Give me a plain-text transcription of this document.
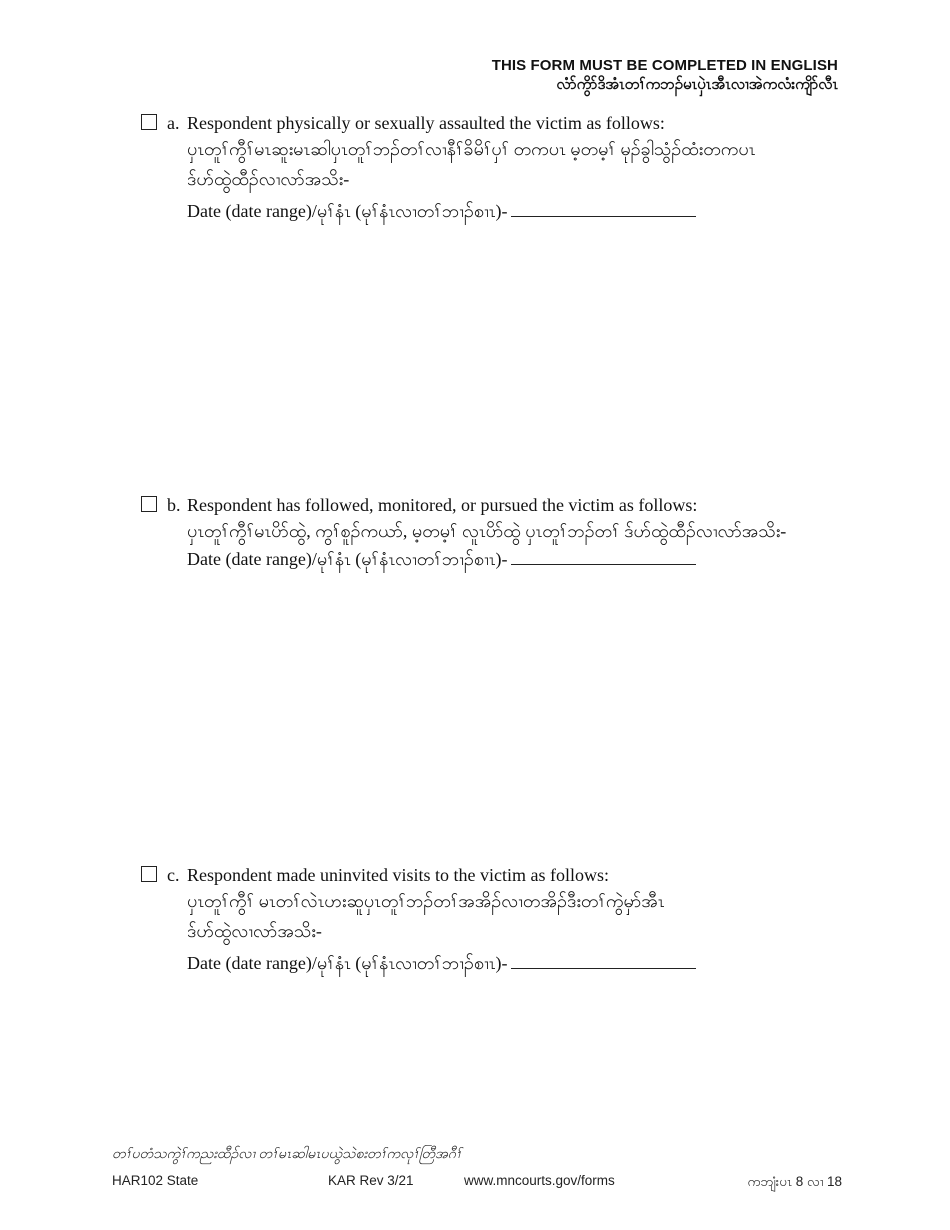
THIS FORM MUST BE COMPLETED IN ENGLISH
လံာ်ကွိာ်ဒိအံၤတၢ်ကဘၣ်မၤပှဲၤအီၤလၢအဲကလံးကျိာ်လီၤ
a. Respondent physically or sexually assaulted the victim as follows:
ပှၤတူၢ်ကွီၢ်မၤဆူးမၤဆါပှၤတူၢ်ဘၣ်တၢ်လၢနီၢ်ခိမိၢ်ပှၢ် တကပၤ မ့တမ့ၢ် မုၣ်ခွါသွံၣ်ထံးတကပၤ
ဒ်ဟ်ထွဲထီၣ်လၢလာ်အသိး-
Date (date range)/မုၢ်နံၤ (မုၢ်နံၤလၢတၢ်ဘၢၣ်စၢၤ)-
b. Respondent has followed, monitored, or pursued the victim as follows:
ပှၤတူၢ်ကွီၢ်မၤပိာ်ထွဲ, ကွၢ်စူၣ်ကယာ်, မ့တမ့ၢ် လူၤပိာ်ထွဲ ပှၤတူၢ်ဘၣ်တၢ် ဒ်ဟ်ထွဲထီၣ်လၢလာ်အသိး-
Date (date range)/မုၢ်နံၤ (မုၢ်နံၤလၢတၢ်ဘၢၣ်စၢၤ)-
c. Respondent made uninvited visits to the victim as follows:
ပှၤတူၢ်ကွီၢ် မၤတၢ်လဲၤဟးဆူပှၤတူၢ်ဘၣ်တၢ်အအိၣ်လၢတအိၣ်ဒီးတၢ်ကွဲမှာ်အီၤ
ဒ်ဟ်ထွဲလၢလာ်အသိး-
Date (date range)/မုၢ်နံၤ (မုၢ်နံၤလၢတၢ်ဘၢၣ်စၢၤ)-
တၢ်ပတံသကွဲၢ်ကညးထီၣ်လၢ တၢ်မၤဆါမၤပယွဲသဲစးတၢ်ကလုၢ်တြီအဂီၢ်
HAR102 State	KAR Rev 3/21	www.mncourts.gov/forms	ကဘျံးပၤ 8 လၢ 18
